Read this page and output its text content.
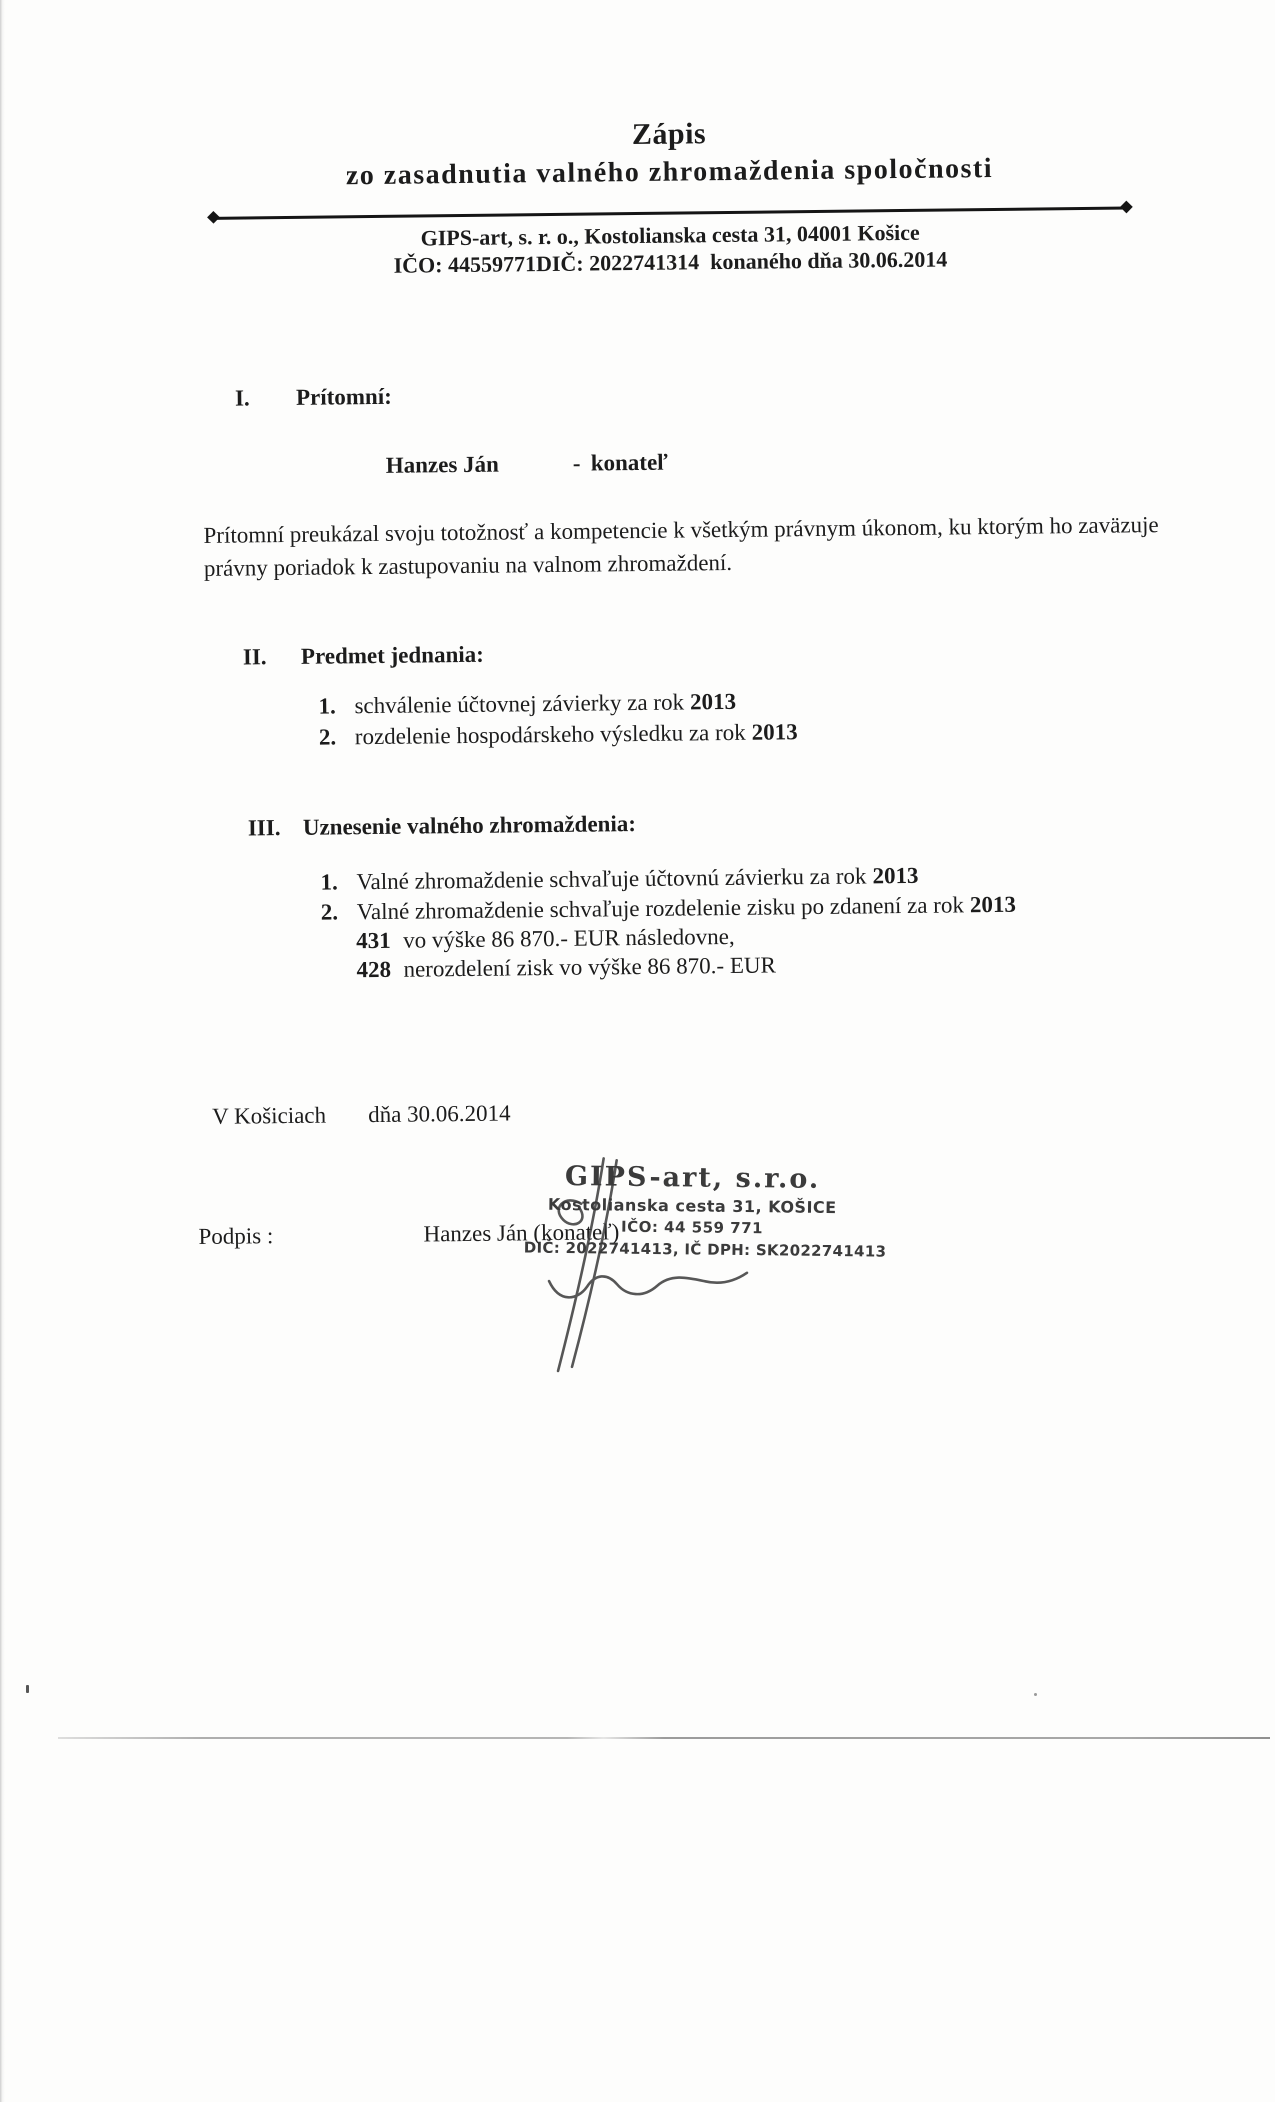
Zápis
zo zasadnutia valného zhromaždenia spoločnosti
GIPS-art, s. r. o., Kostolianska cesta 31, 04001 Košice
IČO: 44559771DIČ: 2022741314  konaného dňa 30.06.2014
I. Prítomní:
Hanzes Ján	- konateľ
Prítomní preukázal svoju totožnosť a kompetencie k všetkým právnym úkonom, ku ktorým ho zaväzuje právny poriadok k zastupovaniu na valnom zhromaždení.
II. Predmet jednania:
1. schválenie účtovnej závierky za rok 2013
2. rozdelenie hospodárskeho výsledku za rok 2013
III. Uznesenie valného zhromaždenia:
1. Valné zhromaždenie schvaľuje účtovnú závierku za rok 2013
2. Valné zhromaždenie schvaľuje rozdelenie zisku po zdanení za rok 2013
431 vo výške 86 870.- EUR následovne,
428 nerozdelení zisk vo výške 86 870.- EUR
V Košiciach dňa 30.06.2014
Podpis :	Hanzes Ján (konateľ)
GIPS-art, s.r.o.
Kostolianska cesta 31, KOŠICE
IČO: 44 559 771
DIČ: 2022741413, IČ DPH: SK2022741413
